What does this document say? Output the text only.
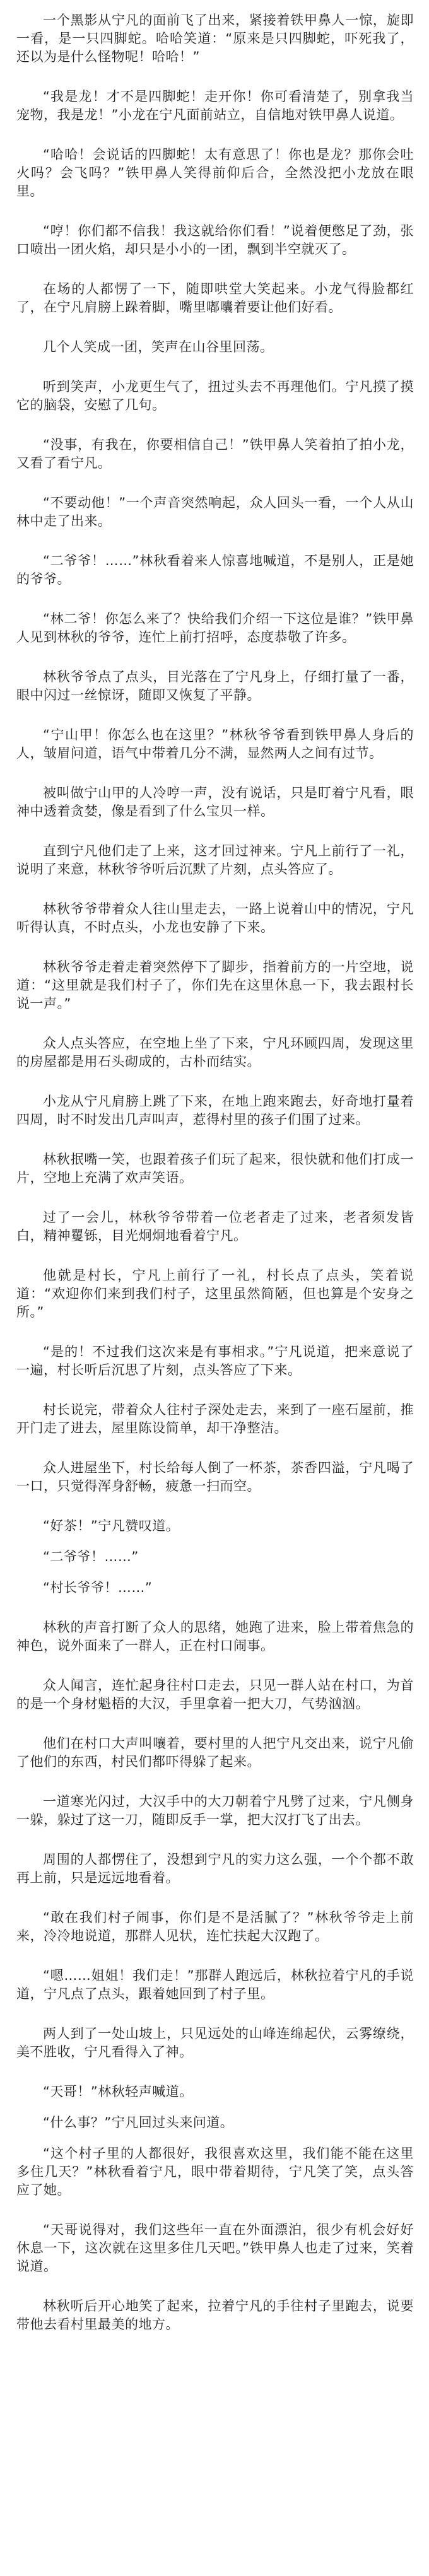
一个黑影从宁凡的面前飞了出来，紧接着铁甲鼻人一惊，旋即一看，是一只四脚蛇。哈哈笑道：“原来是只四脚蛇，吓死我了，还以为是什么怪物呢！哈哈！”

“我是龙！才不是四脚蛇！走开你！你可看清楚了，别拿我当宠物，我是龙！”小龙在宁凡面前站立，自信地对铁甲鼻人说道。

“哈哈！会说话的四脚蛇！太有意思了！你也是龙？那你会吐火吗？会飞吗？”铁甲鼻人笑得前仰后合，全然没把小龙放在眼里。

“哼！你们都不信我！我这就给你们看！”说着便憋足了劲，张口喷出一团火焰，却只是小小的一团，飘到半空就灭了。

在场的人都愣了一下，随即哄堂大笑起来。小龙气得脸都红了，在宁凡肩膀上跺着脚，嘴里嘟囔着要让他们好看。

几个人笑成一团，笑声在山谷里回荡。

听到笑声，小龙更生气了，扭过头去不再理他们。宁凡摸了摸它的脑袋，安慰了几句。

“没事，有我在，你要相信自己！”铁甲鼻人笑着拍了拍小龙，又看了看宁凡。

“不要动他！”一个声音突然响起，众人回头一看，一个人从山林中走了出来。

“二爷爷！……”林秋看着来人惊喜地喊道，不是别人，正是她的爷爷。

“林二爷！你怎么来了？快给我们介绍一下这位是谁？”铁甲鼻人见到林秋的爷爷，连忙上前打招呼，态度恭敬了许多。

林秋爷爷点了点头，目光落在了宁凡身上，仔细打量了一番，眼中闪过一丝惊讶，随即又恢复了平静。

“宁山甲！你怎么也在这里？”林秋爷爷看到铁甲鼻人身后的人，皱眉问道，语气中带着几分不满，显然两人之间有过节。

被叫做宁山甲的人冷哼一声，没有说话，只是盯着宁凡看，眼神中透着贪婪，像是看到了什么宝贝一样。

直到宁凡他们走了上来，这才回过神来。宁凡上前行了一礼，说明了来意，林秋爷爷听后沉默了片刻，点头答应了。

林秋爷爷带着众人往山里走去，一路上说着山中的情况，宁凡听得认真，不时点头，小龙也安静了下来。

林秋爷爷走着走着突然停下了脚步，指着前方的一片空地，说道：“这里就是我们村子了，你们先在这里休息一下，我去跟村长说一声。”

众人点头答应，在空地上坐了下来，宁凡环顾四周，发现这里的房屋都是用石头砌成的，古朴而结实。

小龙从宁凡肩膀上跳了下来，在地上跑来跑去，好奇地打量着四周，时不时发出几声叫声，惹得村里的孩子们围了过来。

林秋抿嘴一笑，也跟着孩子们玩了起来，很快就和他们打成一片，空地上充满了欢声笑语。

过了一会儿，林秋爷爷带着一位老者走了过来，老者须发皆白，精神矍铄，目光炯炯地看着宁凡。

他就是村长，宁凡上前行了一礼，村长点了点头，笑着说道：“欢迎你们来到我们村子，这里虽然简陋，但也算是个安身之所。”

“是的！不过我们这次来是有事相求。”宁凡说道，把来意说了一遍，村长听后沉思了片刻，点头答应了下来。

村长说完，带着众人往村子深处走去，来到了一座石屋前，推开门走了进去，屋里陈设简单，却干净整洁。

众人进屋坐下，村长给每人倒了一杯茶，茶香四溢，宁凡喝了一口，只觉得浑身舒畅，疲惫一扫而空。

“好茶！”宁凡赞叹道。

“二爷爷！……”

“村长爷爷！……”

林秋的声音打断了众人的思绪，她跑了进来，脸上带着焦急的神色，说外面来了一群人，正在村口闹事。

众人闻言，连忙起身往村口走去，只见一群人站在村口，为首的是一个身材魁梧的大汉，手里拿着一把大刀，气势汹汹。

他们在村口大声叫嚷着，要村里的人把宁凡交出来，说宁凡偷了他们的东西，村民们都吓得躲了起来。

一道寒光闪过，大汉手中的大刀朝着宁凡劈了过来，宁凡侧身一躲，躲过了这一刀，随即反手一掌，把大汉打飞了出去。

周围的人都愣住了，没想到宁凡的实力这么强，一个个都不敢再上前，只是远远地看着。

“敢在我们村子闹事，你们是不是活腻了？”林秋爷爷走上前来，冷冷地说道，那群人见状，连忙扶起大汉跑了。

“嗯……姐姐！我们走！”那群人跑远后，林秋拉着宁凡的手说道，宁凡点了点头，跟着她回到了村子里。

两人到了一处山坡上，只见远处的山峰连绵起伏，云雾缭绕，美不胜收，宁凡看得入了神。

“天哥！”林秋轻声喊道。

“什么事？”宁凡回过头来问道。

“这个村子里的人都很好，我很喜欢这里，我们能不能在这里多住几天？”林秋看着宁凡，眼中带着期待，宁凡笑了笑，点头答应了她。

“天哥说得对，我们这些年一直在外面漂泊，很少有机会好好休息一下，这次就在这里多住几天吧。”铁甲鼻人也走了过来，笑着说道。

林秋听后开心地笑了起来，拉着宁凡的手往村子里跑去，说要带他去看村里最美的地方。
